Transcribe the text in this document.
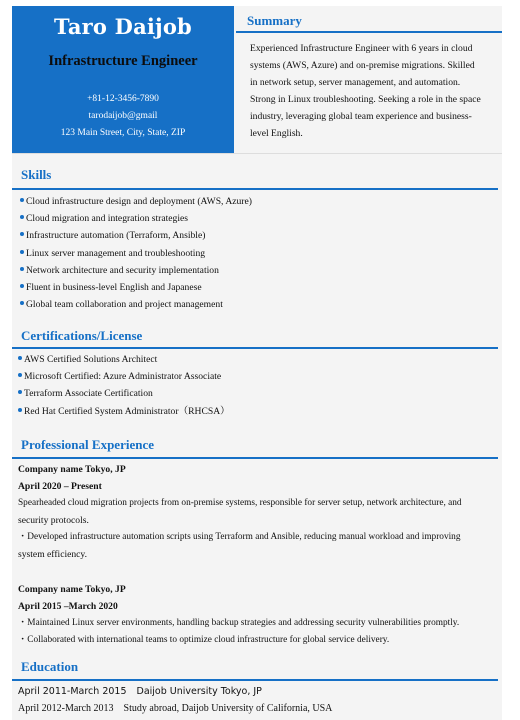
Taro Daijob
Infrastructure Engineer
+81-12-3456-7890
tarodaijob@gmail
123 Main Street, City, State, ZIP
Summary
Experienced Infrastructure Engineer with 6 years in cloud
systems (AWS, Azure) and on-premise migrations. Skilled
in network setup, server management, and automation.
Strong in Linux troubleshooting. Seeking a role in the space
industry, leveraging global team experience and business-
level English.
Skills
Cloud infrastructure design and deployment (AWS, Azure)
Cloud migration and integration strategies
Infrastructure automation (Terraform, Ansible)
Linux server management and troubleshooting
Network architecture and security implementation
Fluent in business-level English and Japanese
Global team collaboration and project management
Certifications/License
AWS Certified Solutions Architect
Microsoft Certified: Azure Administrator Associate
Terraform Associate Certification
Red Hat Certified System Administrator（RHCSA）
Professional Experience
Company name Tokyo, JP
April 2020 – Present
Spearheaded cloud migration projects from on-premise systems, responsible for server setup, network architecture, and
security protocols.
・Developed infrastructure automation scripts using Terraform and Ansible, reducing manual workload and improving
system efficiency.
Company name Tokyo, JP
April 2015 –March 2020
・Maintained Linux server environments, handling backup strategies and addressing security vulnerabilities promptly.
・Collaborated with international teams to optimize cloud infrastructure for global service delivery.
Education
April 2011-March 2015 Daijob University Tokyo, JP
April 2012-March 2013 Study abroad, Daijob University of California, USA
